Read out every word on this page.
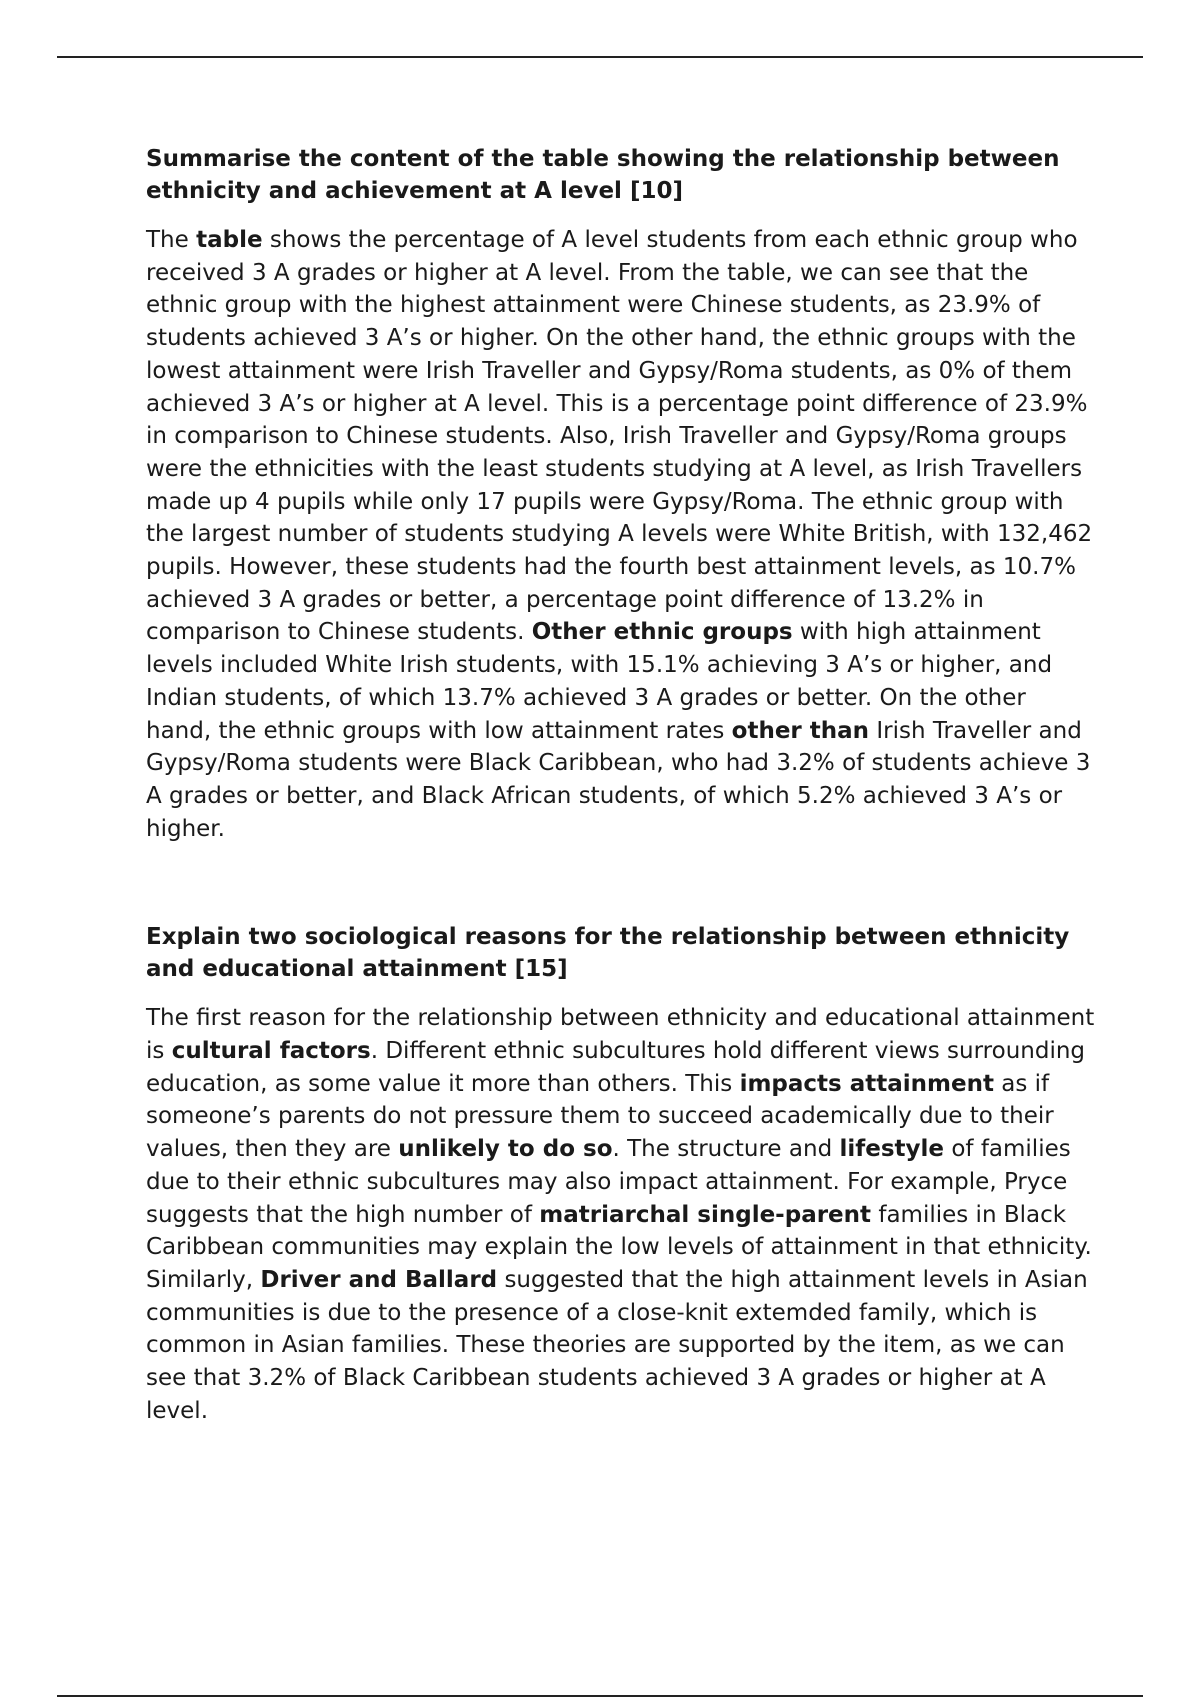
Summarise the content of the table showing the relationship between ethnicity and achievement at A level [10]

The table shows the percentage of A level students from each ethnic group who received 3 A grades or higher at A level. From the table, we can see that the ethnic group with the highest attainment were Chinese students, as 23.9% of students achieved 3 A’s or higher. On the other hand, the ethnic groups with the lowest attainment were Irish Traveller and Gypsy/Roma students, as 0% of them achieved 3 A’s or higher at A level. This is a percentage point difference of 23.9% in comparison to Chinese students. Also, Irish Traveller and Gypsy/Roma groups were the ethnicities with the least students studying at A level, as Irish Travellers made up 4 pupils while only 17 pupils were Gypsy/Roma. The ethnic group with the largest number of students studying A levels were White British, with 132,462 pupils. However, these students had the fourth best attainment levels, as 10.7% achieved 3 A grades or better, a percentage point difference of 13.2% in comparison to Chinese students. Other ethnic groups with high attainment levels included White Irish students, with 15.1% achieving 3 A’s or higher, and Indian students, of which 13.7% achieved 3 A grades or better. On the other hand, the ethnic groups with low attainment rates other than Irish Traveller and Gypsy/Roma students were Black Caribbean, who had 3.2% of students achieve 3 A grades or better, and Black African students, of which 5.2% achieved 3 A’s or higher.

Explain two sociological reasons for the relationship between ethnicity and educational attainment [15]

The first reason for the relationship between ethnicity and educational attainment is cultural factors. Different ethnic subcultures hold different views surrounding education, as some value it more than others. This impacts attainment as if someone’s parents do not pressure them to succeed academically due to their values, then they are unlikely to do so. The structure and lifestyle of families due to their ethnic subcultures may also impact attainment. For example, Pryce suggests that the high number of matriarchal single-parent families in Black Caribbean communities may explain the low levels of attainment in that ethnicity. Similarly, Driver and Ballard suggested that the high attainment levels in Asian communities is due to the presence of a close-knit extemded family, which is common in Asian families. These theories are supported by the item, as we can see that 3.2% of Black Caribbean students achieved 3 A grades or higher at A level.
